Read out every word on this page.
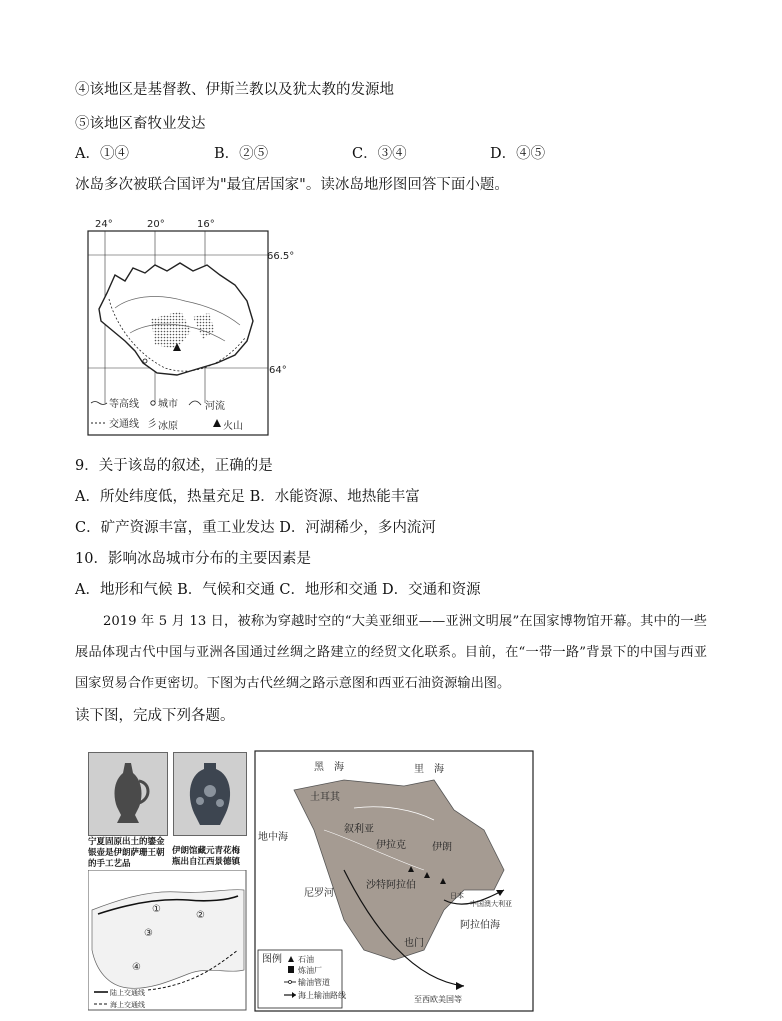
④该地区是基督教、伊斯兰教以及犹太教的发源地
⑤该地区畜牧业发达
A．①④	B．②⑤	C．③④	D．④⑤
冰岛多次被联合国评为"最宜居国家"。读冰岛地形图回答下面小题。
24°	20°	16°
66.5°
64°
等高线 城市	河流
交通线 彡 冰原	火山
9．关于该岛的叙述，正确的是
A．所处纬度低，热量充足 B．水能资源、地热能丰富
C．矿产资源丰富，重工业发达 D．河湖稀少，多内流河
10．影响冰岛城市分布的主要因素是
A．地形和气候 B．气候和交通 C．地形和交通 D．交通和资源
2019 年 5 月 13 日，被称为穿越时空的“大美亚细亚——亚洲文明展”在国家博物馆开幕。其中的一些展品体现古代中国与亚洲各国通过丝绸之路建立的经贸文化联系。目前，在“一带一路”背景下的中国与西亚国家贸易合作更密切。下图为古代丝绸之路示意图和西亚石油资源输出图。
读下图，完成下列各题。
宁夏固原出土的鎏金银壶是伊朗萨珊王朝的手工艺品
伊朗馆藏元青花梅瓶出自江西景德镇
①
②
③
④
陆上交通线
海上交通线
黑　海	里　海
土耳其
叙利亚
伊拉克	伊朗
地中海
沙特阿拉伯
也门
阿拉伯海
尼罗河	日本
中国澳大利亚
至西欧美国等
图例 石油
炼油厂
输油管道
海上输油路线
